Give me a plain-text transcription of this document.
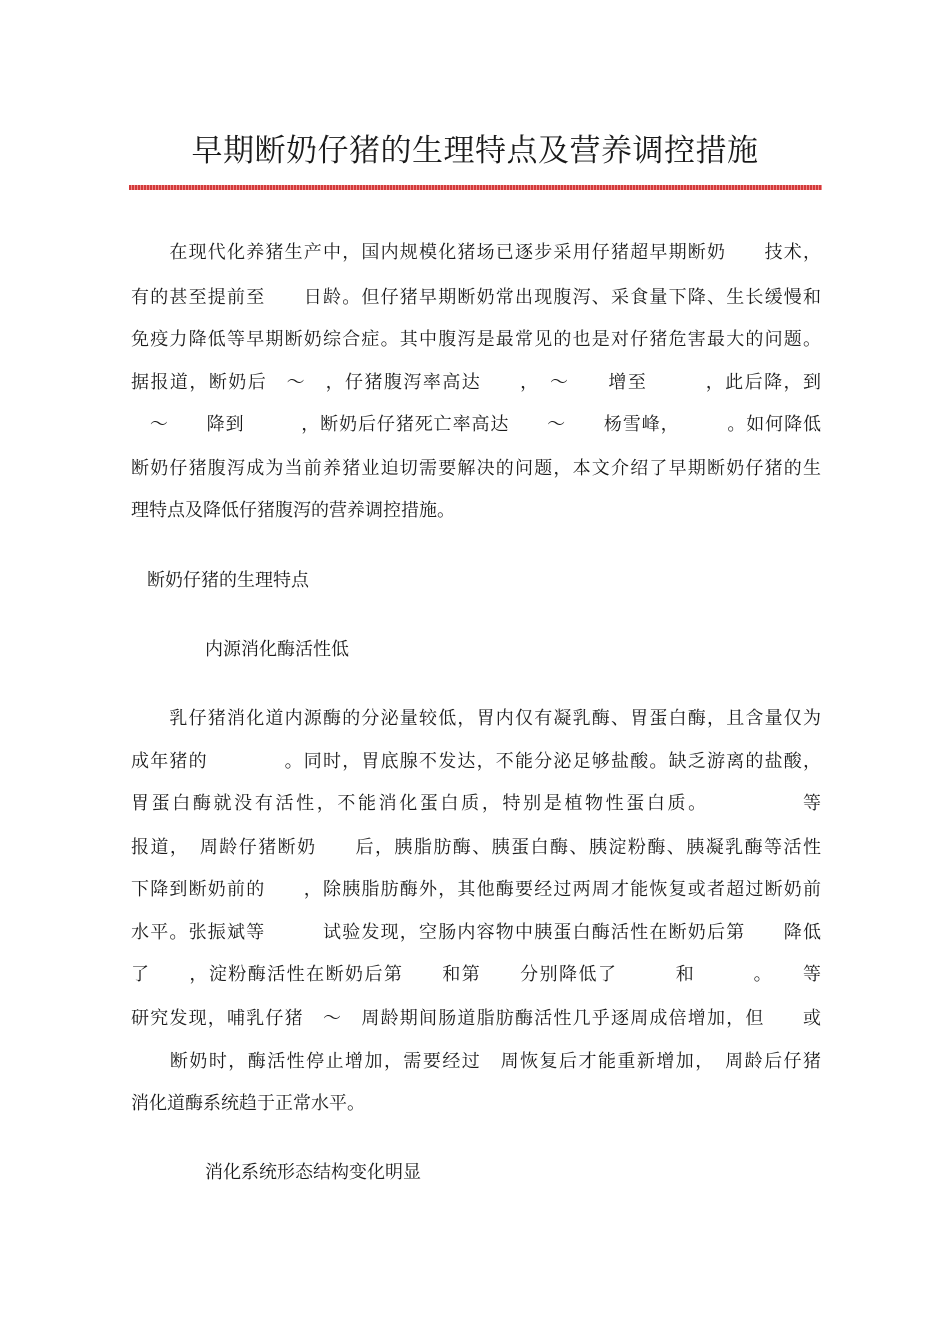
早期断奶仔猪的生理特点及营养调控措施
　　在现代化养猪生产中，国内规模化猪场已逐步采用仔猪超早期断奶　　技术，
有的甚至提前至　　日龄。但仔猪早期断奶常出现腹泻、采食量下降、生长缓慢和
免疫力降低等早期断奶综合症。其中腹泻是最常见的也是对仔猪危害最大的问题。
据报道，断奶后　～　，仔猪腹泻率高达　　，　～　　增至　　　，此后降，到
　～　　降到　　　，断奶后仔猪死亡率高达　　～　　杨雪峰，　　　。如何降低
断奶仔猪腹泻成为当前养猪业迫切需要解决的问题，本文介绍了早期断奶仔猪的生
理特点及降低仔猪腹泻的营养调控措施。
断奶仔猪的生理特点
内源消化酶活性低
　　乳仔猪消化道内源酶的分泌量较低，胃内仅有凝乳酶、胃蛋白酶，且含量仅为
成年猪的　　　　。同时，胃底腺不发达，不能分泌足够盐酸。缺乏游离的盐酸，
胃蛋白酶就没有活性，不能消化蛋白质，特别是植物性蛋白质。　　　　　等
报道，　周龄仔猪断奶　　后，胰脂肪酶、胰蛋白酶、胰淀粉酶、胰凝乳酶等活性
下降到断奶前的　　，除胰脂肪酶外，其他酶要经过两周才能恢复或者超过断奶前
水平。张振斌等　　　试验发现，空肠内容物中胰蛋白酶活性在断奶后第　　降低
了　　，淀粉酶活性在断奶后第　　和第　　分别降低了　　　和　　　。　　等
研究发现，哺乳仔猪　～　周龄期间肠道脂肪酶活性几乎逐周成倍增加，但　　或
　　断奶时，酶活性停止增加，需要经过　周恢复后才能重新增加，　周龄后仔猪
消化道酶系统趋于正常水平。
消化系统形态结构变化明显
